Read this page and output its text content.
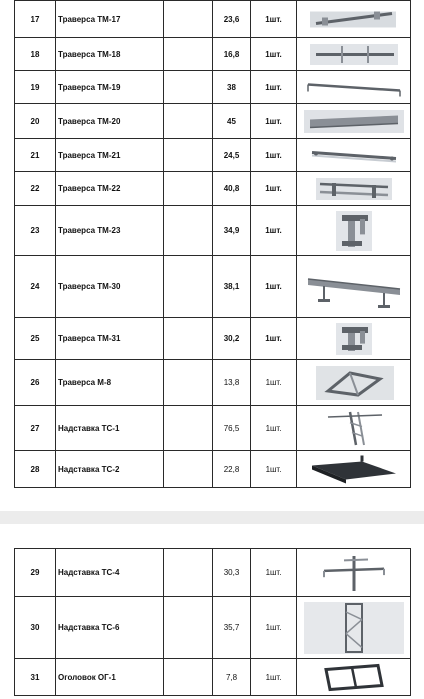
17	Траверса ТМ-17		23,6	1шт.	

18	Траверса ТМ-18		16,8	1шт.	

19	Траверса ТМ-19		38	1шт.	

20	Траверса ТМ-20		45	1шт.	

21	Траверса ТМ-21		24,5	1шт.	

22	Траверса ТМ-22		40,8	1шт.	

23	Траверса ТМ-23		34,9	1шт.	

24	Траверса ТМ-30		38,1	1шт.	

25	Траверса ТМ-31		30,2	1шт.	

26	Траверса М-8		13,8	1шт.	

27	Надставка ТС-1		76,5	1шт.	

28	Надставка ТС-2		22,8	1шт.	
29	Надставка ТС-4		30,3	1шт.	

30	Надставка ТС-6		35,7	1шт.	

31	Оголовок ОГ-1		7,8	1шт.	
